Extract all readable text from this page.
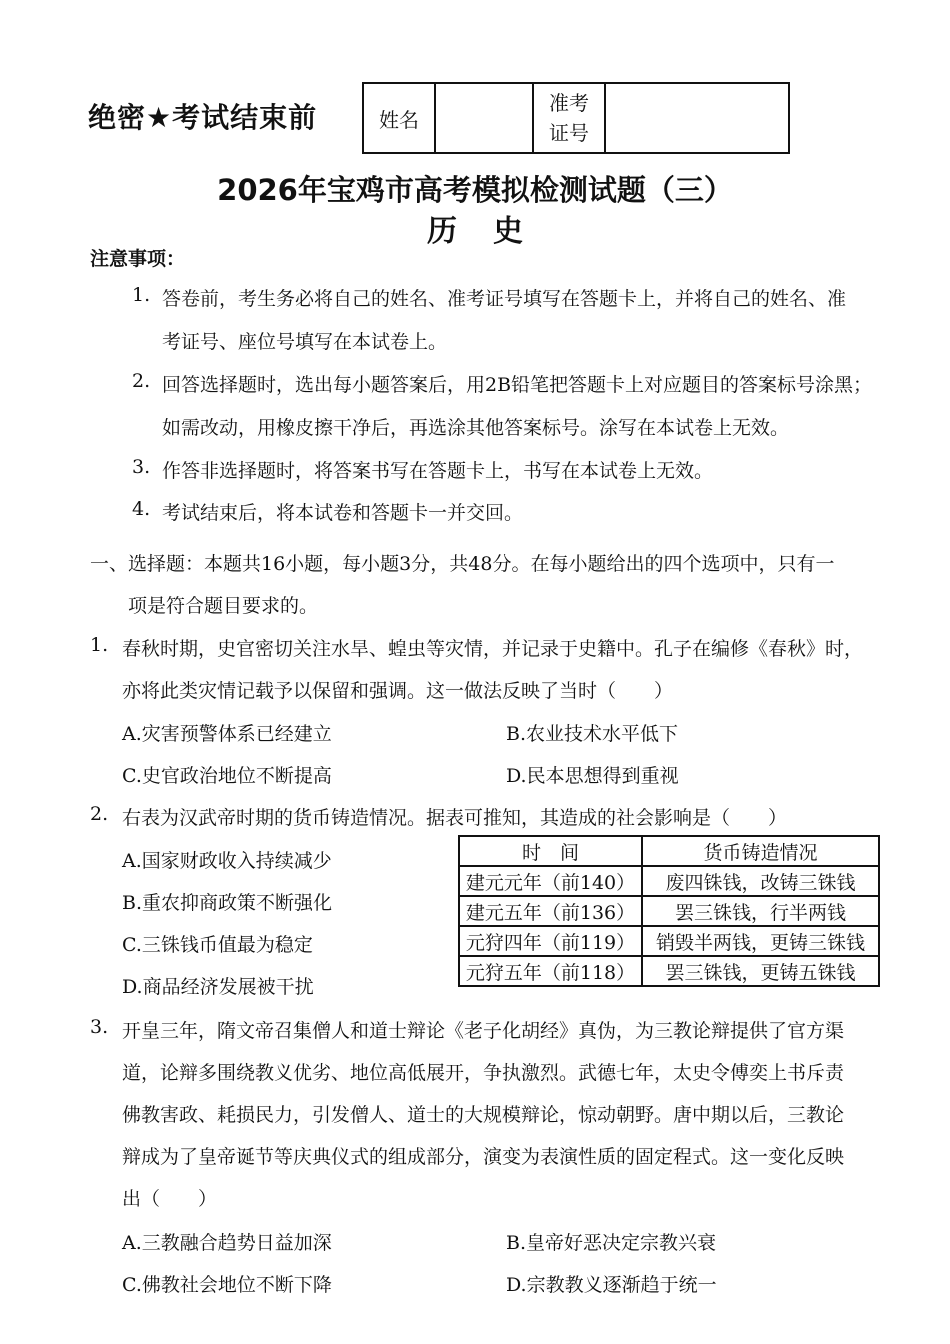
绝密★考试结束前	姓名
准考
证号
2026年宝鸡市高考模拟检测试题（三）
历史
注意事项：
1. 答卷前，考生务必将自己的姓名、准考证号填写在答题卡上，并将自己的姓名、准
考证号、座位号填写在本试卷上。
2. 回答选择题时，选出每小题答案后，用2B铅笔把答题卡上对应题目的答案标号涂黑；
如需改动，用橡皮擦干净后，再选涂其他答案标号。涂写在本试卷上无效。
3. 作答非选择题时，将答案书写在答题卡上，书写在本试卷上无效。
4. 考试结束后，将本试卷和答题卡一并交回。
一、选择题：本题共16小题，每小题3分，共48分。在每小题给出的四个选项中，只有一
项是符合题目要求的。
1. 春秋时期，史官密切关注水旱、蝗虫等灾情，并记录于史籍中。孔子在编修《春秋》时，
亦将此类灾情记载予以保留和强调。这一做法反映了当时（　　）
A.灾害预警体系已经建立	B.农业技术水平低下
C.史官政治地位不断提高	D.民本思想得到重视
2. 右表为汉武帝时期的货币铸造情况。据表可推知，其造成的社会影响是（　　）
A.国家财政收入持续减少
B.重农抑商政策不断强化
C.三铢钱币值最为稳定
D.商品经济发展被干扰
时　间	货币铸造情况
建元元年（前140）	废四铢钱，改铸三铢钱
建元五年（前136）	罢三铢钱，行半两钱
元狩四年（前119）	销毁半两钱，更铸三铢钱
元狩五年（前118）	罢三铢钱，更铸五铢钱
3. 开皇三年，隋文帝召集僧人和道士辩论《老子化胡经》真伪，为三教论辩提供了官方渠
道，论辩多围绕教义优劣、地位高低展开，争执激烈。武德七年，太史令傅奕上书斥责
佛教害政、耗损民力，引发僧人、道士的大规模辩论，惊动朝野。唐中期以后，三教论
辩成为了皇帝诞节等庆典仪式的组成部分，演变为表演性质的固定程式。这一变化反映
出（　　）
A.三教融合趋势日益加深	B.皇帝好恶决定宗教兴衰
C.佛教社会地位不断下降	D.宗教教义逐渐趋于统一
